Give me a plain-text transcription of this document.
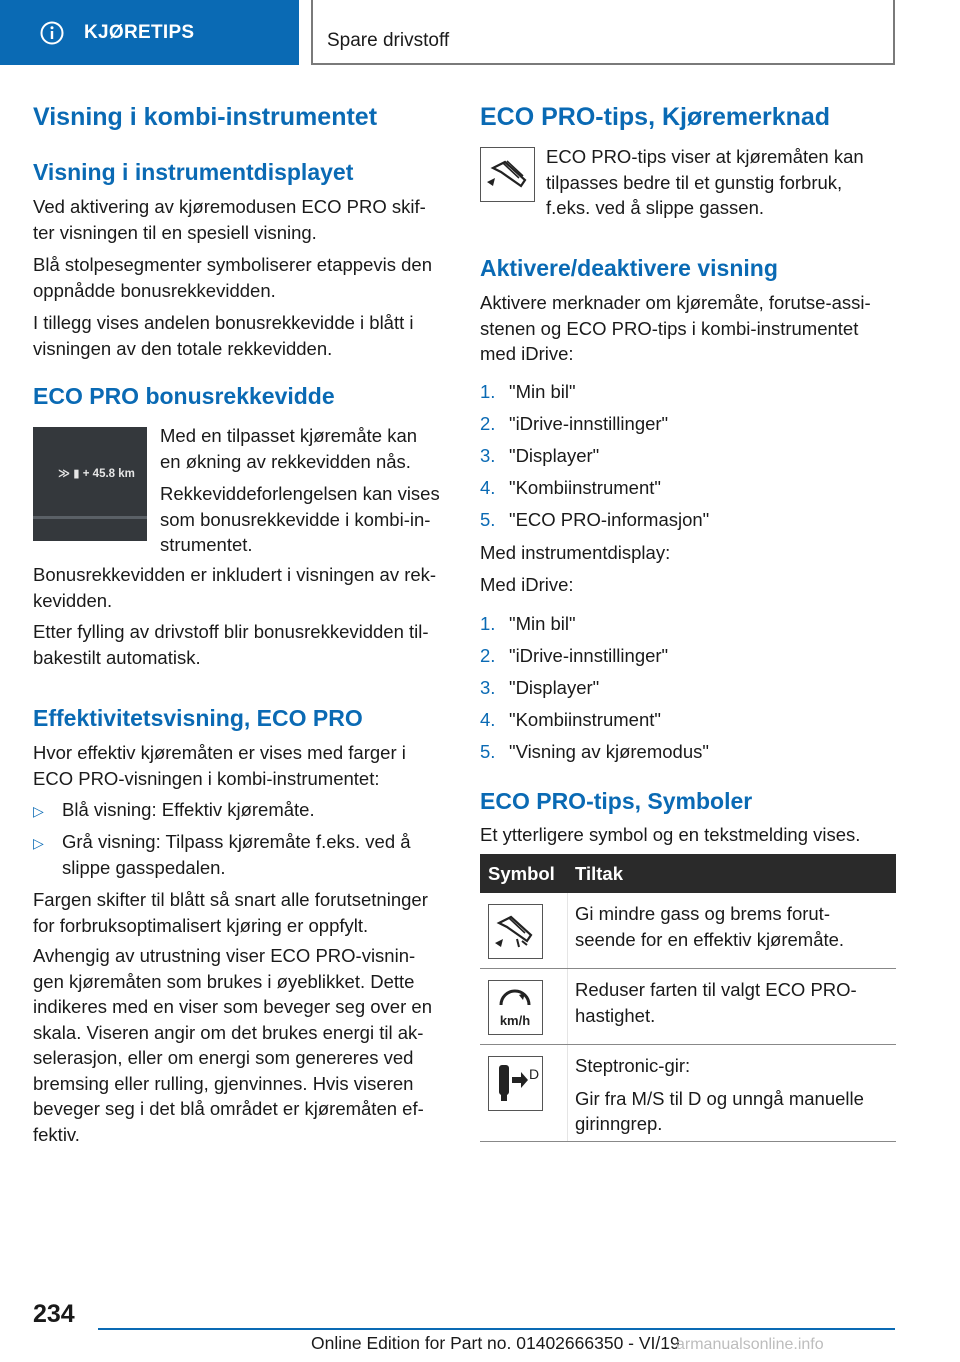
KJØRETIPS	Spare drivstoff
Visning i kombi-instrumentet
Visning i instrumentdisplayet
Ved aktivering av kjøremodusen ECO PRO skif-
ter visningen til en spesiell visning.
Blå stolpesegmenter symboliserer etappevis den
oppnådde bonusrekkevidden.
I tillegg vises andelen bonusrekkevidde i blått i
visningen av den totale rekkevidden.
ECO PRO bonusrekkevidde
≫ ▮ + 45.8 km
Med en tilpasset kjøremåte kan
en økning av rekkevidden nås.
Rekkeviddeforlengelsen kan vises
som bonusrekkevidde i kombi-in-
strumentet.
Bonusrekkevidden er inkludert i visningen av rek-
kevidden.
Etter fylling av drivstoff blir bonusrekkevidden til-
bakestilt automatisk.
Effektivitetsvisning, ECO PRO
Hvor effektiv kjøremåten er vises med farger i
ECO PRO-visningen i kombi-instrumentet:
▷ Blå visning: Effektiv kjøremåte.
▷ Grå visning: Tilpass kjøremåte f.eks. ved å
slippe gasspedalen.
Fargen skifter til blått så snart alle forutsetninger
for forbruksoptimalisert kjøring er oppfylt.
Avhengig av utrustning viser ECO PRO-visnin-
gen kjøremåten som brukes i øyeblikket. Dette
indikeres med en viser som beveger seg over en
skala. Viseren angir om det brukes energi til ak-
selerasjon, eller om energi som genereres ved
bremsing eller rulling, gjenvinnes. Hvis viseren
beveger seg i det blå området er kjøremåten ef-
fektiv.
ECO PRO-tips, Kjøremerknad
ECO PRO-tips viser at kjøremåten kan
tilpasses bedre til et gunstig forbruk,
f.eks. ved å slippe gassen.
Aktivere/deaktivere visning
Aktivere merknader om kjøremåte, forutse-assi-
stenen og ECO PRO-tips i kombi-instrumentet
med iDrive:
1. "Min bil"
2. "iDrive-innstillinger"
3. "Displayer"
4. "Kombiinstrument"
5. "ECO PRO-informasjon"
Med instrumentdisplay:
Med iDrive:
1. "Min bil"
2. "iDrive-innstillinger"
3. "Displayer"
4. "Kombiinstrument"
5. "Visning av kjøremodus"
ECO PRO-tips, Symboler
Et ytterligere symbol og en tekstmelding vises.
Symbol Tiltak
Gi mindre gass og brems forut-
seende for en effektiv kjøremåte.
km/h
Reduser farten til valgt ECO PRO-
hastighet.
D Steptronic-gir:
Gir fra M/S til D og unngå manuelle
girinngrep.
234
Online Edition for Part no. 01402666350 - VI/19
armanualsonline.info
